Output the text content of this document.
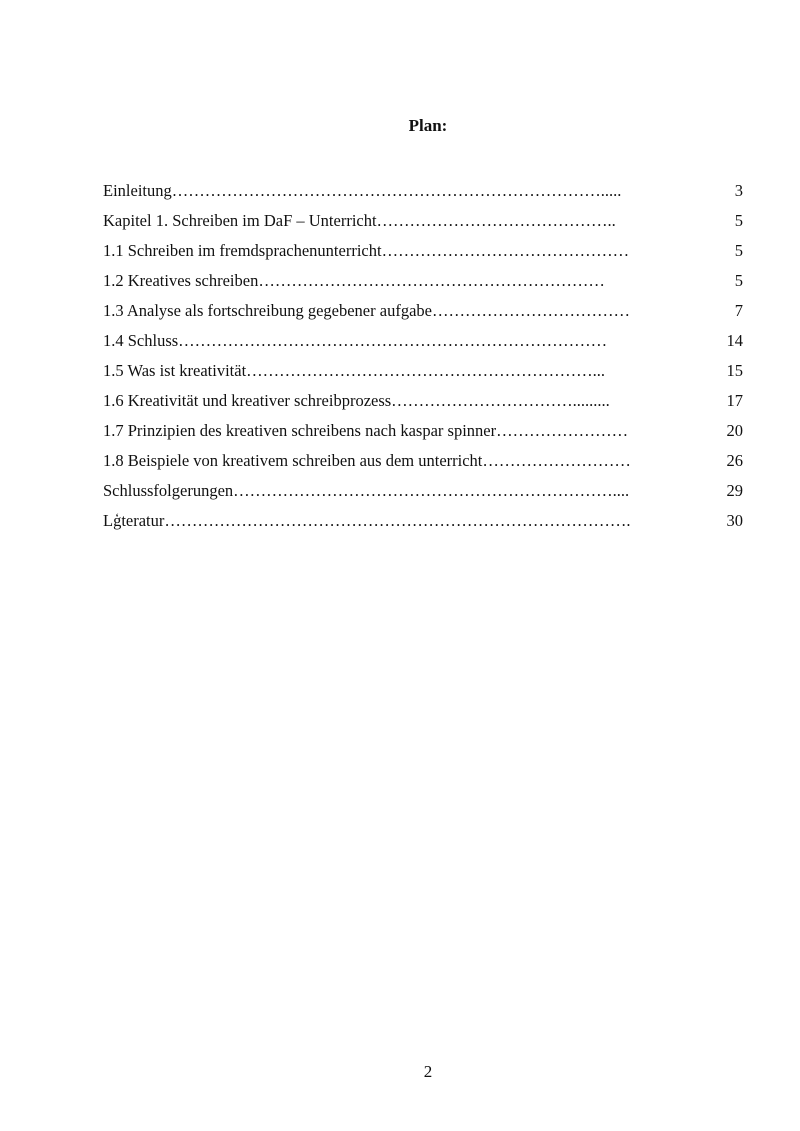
Plan:
Einleitung…………………………………………………………………….....	3
Kapitel 1. Schreiben im DaF – Unterricht……………………………………..	5
1.1 Schreiben im fremdsprachenunterricht………………………………………	5
1.2 Kreatives schreiben………………………………………………………	5
1.3 Analyse als fortschreibung gegebener aufgabe………………………………	7
1.4 Schluss……………………………………………………………………	14
1.5 Was ist kreativität………………………………………………………...	15
1.6 Kreativität und kreativer schreibprozess…………………………….........	17
1.7 Prinzipien des kreativen schreibens nach kaspar spinner……………………	20
1.8 Beispiele von kreativem schreiben aus dem unterricht………………………	26
Schlussfolgerungen……………………………………………………………....	29
Lģteratur………………………………………………………………………….	30
2
